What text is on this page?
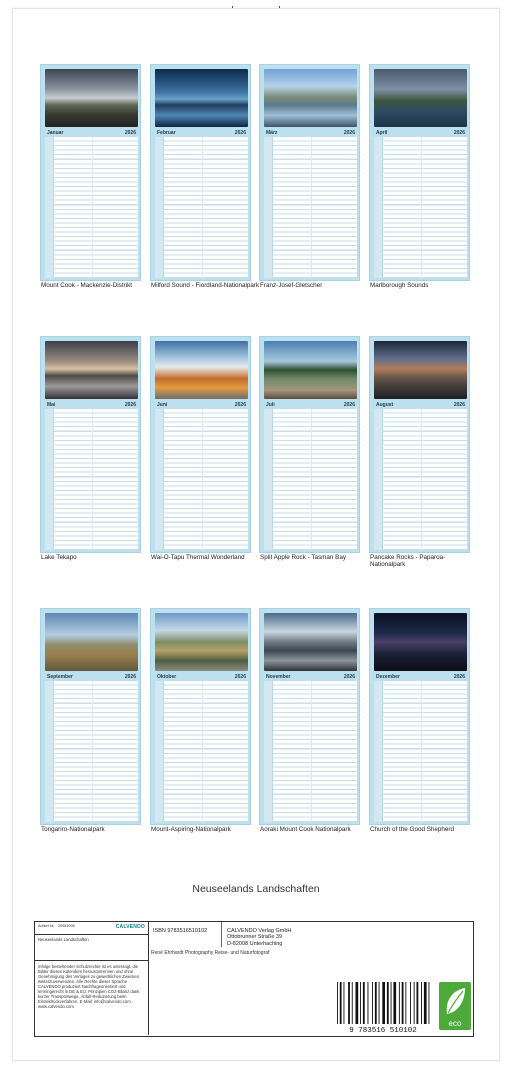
Januar	2026
Mount Cook - Mackenzie-Distrikt
Februar	2026
Milford Sound - Fiordland-Nationalpark
März	2026
Franz-Josef-Gletscher
April	2026
Marlborough Sounds
Mai	2026
Lake Tekapo
Juni	2026
Wai-O-Tapu Thermal Wonderland
Juli	2026
Split Apple Rock - Tasman Bay
August	2026
Pancake Rocks - Paparoa-Nationalpark
September	2026
Tongariro-Nationalpark
Oktober	2026
Mount-Aspiring-Nationalpark
November	2026
Aoraki Mount Cook Nationalpark
Dezember	2026
Church of the Good Shepherd
Neuseelands Landschaften
Artikel-Nr. 20963095	CALVENDO
Neuseelands Landschaften
Infolge bestehender Schutzrechte ist es untersagt, die Bilder dieses Kalenders herauszutrennen und ohne Genehmigung des Verlages zu gewerblichen Zwecken weiterzuverwenden. Alle Rechte dieser Sprache CALVENDO produziert Nachfrageorientiert und termingerecht in DE & EU. Prinzipien CO2-Bilanz dank kurzer Transportwege, Abfall-Reduzierung beim Einzeldruckverfahren. E-Mail: info@calvendo.com · www.calvendo.com
ISBN 9783516510102	CALVENDO Verlag GmbH
Ottobrunner Straße 39
D-82008 Unterhaching
René Ehrhardt Photography Reise- und Naturfotograf
9 783516 510102
eco
